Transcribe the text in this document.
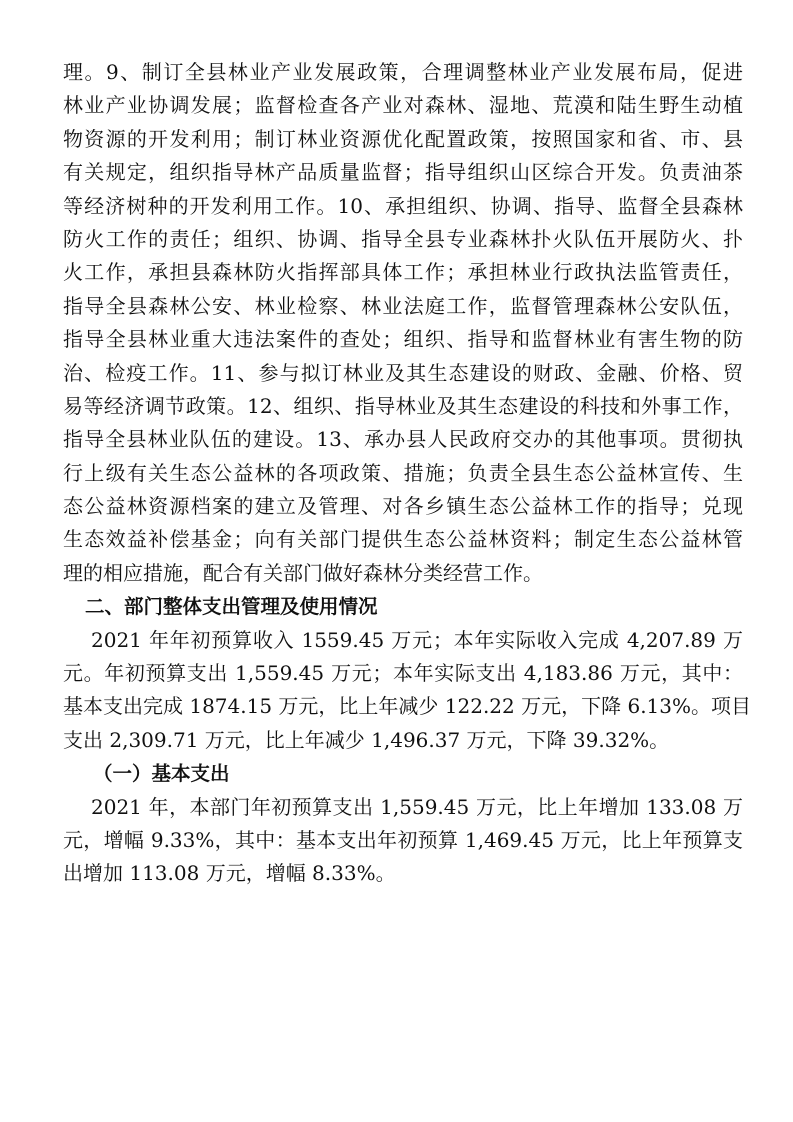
理。9、制订全县林业产业发展政策，合理调整林业产业发展布局，促进
林业产业协调发展；监督检查各产业对森林、湿地、荒漠和陆生野生动植
物资源的开发利用；制订林业资源优化配置政策，按照国家和省、市、县
有关规定，组织指导林产品质量监督；指导组织山区综合开发。负责油茶
等经济树种的开发利用工作。10、承担组织、协调、指导、监督全县森林
防火工作的责任；组织、协调、指导全县专业森林扑火队伍开展防火、扑
火工作，承担县森林防火指挥部具体工作；承担林业行政执法监管责任，
指导全县森林公安、林业检察、林业法庭工作，监督管理森林公安队伍，
指导全县林业重大违法案件的查处；组织、指导和监督林业有害生物的防
治、检疫工作。11、参与拟订林业及其生态建设的财政、金融、价格、贸
易等经济调节政策。12、组织、指导林业及其生态建设的科技和外事工作，
指导全县林业队伍的建设。13、承办县人民政府交办的其他事项。贯彻执
行上级有关生态公益林的各项政策、措施；负责全县生态公益林宣传、生
态公益林资源档案的建立及管理、对各乡镇生态公益林工作的指导；兑现
生态效益补偿基金；向有关部门提供生态公益林资料；制定生态公益林管
理的相应措施，配合有关部门做好森林分类经营工作。
二、部门整体支出管理及使用情况
2021 年年初预算收入 1559.45 万元；本年实际收入完成 4,207.89 万
元。年初预算支出 1,559.45 万元；本年实际支出 4,183.86 万元，其中：
基本支出完成 1874.15 万元，比上年减少 122.22 万元，下降 6.13%。项目
支出 2,309.71 万元，比上年减少 1,496.37 万元，下降 39.32%。
（一）基本支出
2021 年，本部门年初预算支出 1,559.45 万元，比上年增加 133.08 万
元，增幅 9.33%，其中：基本支出年初预算 1,469.45 万元，比上年预算支
出增加 113.08 万元，增幅 8.33%。
